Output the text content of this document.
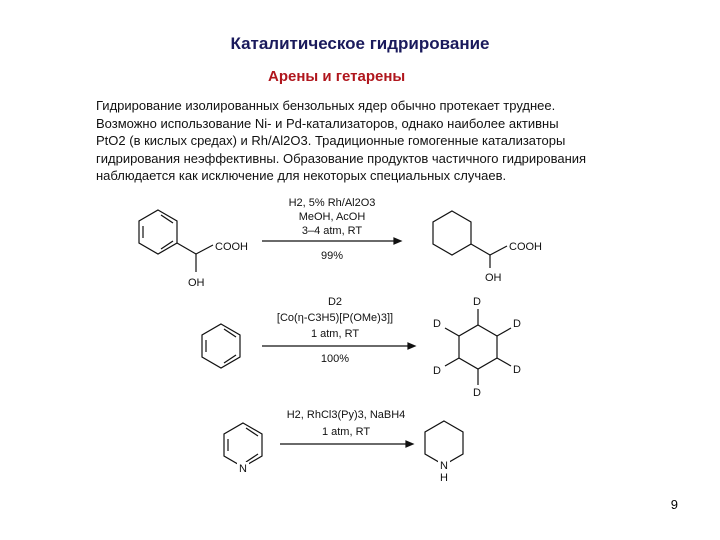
Каталитическое гидрирование
Арены и гетарены

Гидрирование изолированных бензольных ядер обычно протекает труднее.

Возможно использование Ni- и Pd-катализаторов, однако наиболее активны

PtO2 (в кислых средах) и Rh/Al2O3. Традиционные гомогенные катализаторы

гидрирования неэффективны. Образование продуктов частичного гидрирования

наблюдается как исключение для некоторых специальных случаев.

COOH
OH
H2, 5% Rh/Al2O3
MeOH, AcOH
3–4 atm, RT
99%
COOH
OH
D2
[Co(η-C3H5)[P(OMe)3]]
1 atm, RT
100%
D
D
D
D
D
D
N
H2, RhCl3(Py)3, NaBH4
1 atm, RT
N
H
9
